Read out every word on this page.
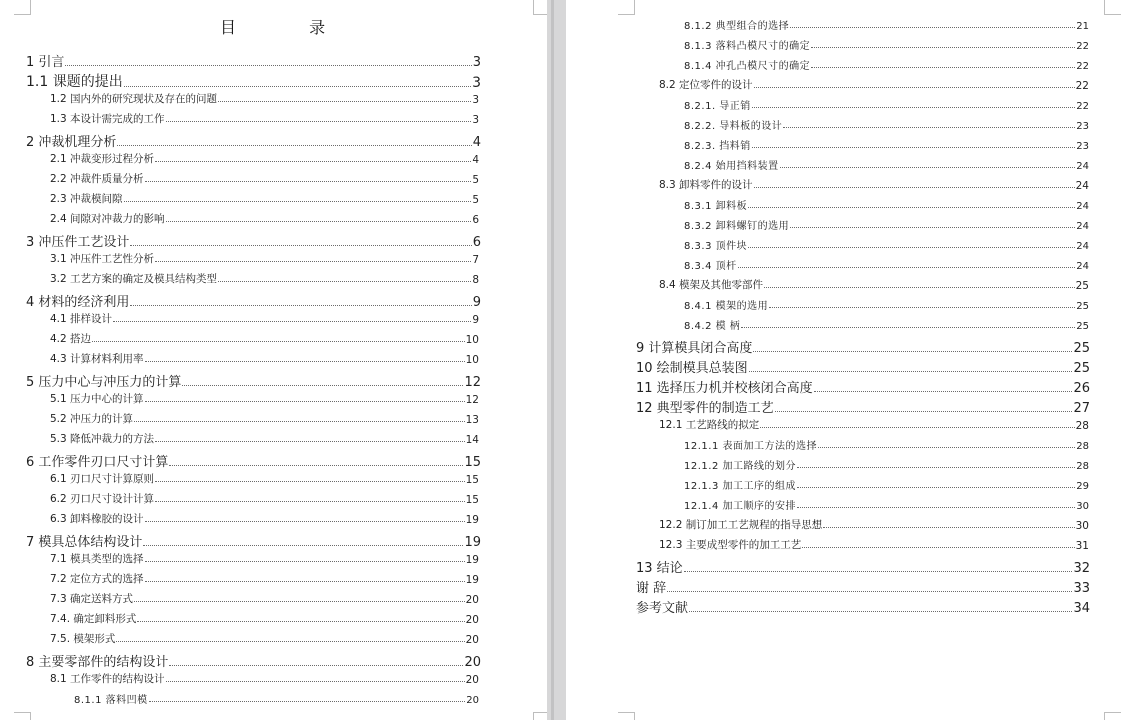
目 录
1 引言	3
1.1 课题的提出	3
1.2 国内外的研究现状及存在的问题	3
1.3 本设计需完成的工作	3
2 冲裁机理分析	4
2.1 冲裁变形过程分析	4
2.2 冲裁件质量分析	5
2.3 冲裁模间隙	5
2.4 间隙对冲裁力的影响	6
3 冲压件工艺设计	6
3.1 冲压件工艺性分析	7
3.2 工艺方案的确定及模具结构类型	8
4 材料的经济利用	9
4.1 排样设计	9
4.2 搭边	10
4.3 计算材料利用率	10
5 压力中心与冲压力的计算	12
5.1 压力中心的计算	12
5.2 冲压力的计算	13
5.3 降低冲裁力的方法	14
6 工作零件刃口尺寸计算	15
6.1 刃口尺寸计算原则	15
6.2 刃口尺寸设计计算	15
6.3 卸料橡胶的设计	19
7 模具总体结构设计	19
7.1 模具类型的选择	19
7.2 定位方式的选择	19
7.3 确定送料方式	20
7.4. 确定卸料形式	20
7.5. 模架形式	20
8 主要零部件的结构设计	20
8.1 工作零件的结构设计	20
8.1.1 落料凹模	20
8.1.2 典型组合的选择	21
8.1.3 落料凸模尺寸的确定	22
8.1.4 冲孔凸模尺寸的确定	22
8.2 定位零件的设计	22
8.2.1. 导正销	22
8.2.2. 导料板的设计	23
8.2.3. 挡料销	23
8.2.4 始用挡料装置	24
8.3 卸料零件的设计	24
8.3.1 卸料板	24
8.3.2 卸料螺钉的选用	24
8.3.3 顶件块	24
8.3.4 顶杆	24
8.4 模架及其他零部件	25
8.4.1 模架的选用	25
8.4.2 模 柄	25
9 计算模具闭合高度	25
10 绘制模具总装图	25
11 选择压力机并校核闭合高度	26
12 典型零件的制造工艺	27
12.1 工艺路线的拟定	28
12.1.1 表面加工方法的选择	28
12.1.2 加工路线的划分	28
12.1.3 加工工序的组成	29
12.1.4 加工顺序的安排	30
12.2 制订加工工艺规程的指导思想	30
12.3 主要成型零件的加工工艺	31
13 结论	32
谢 辞	33
参考文献	34
